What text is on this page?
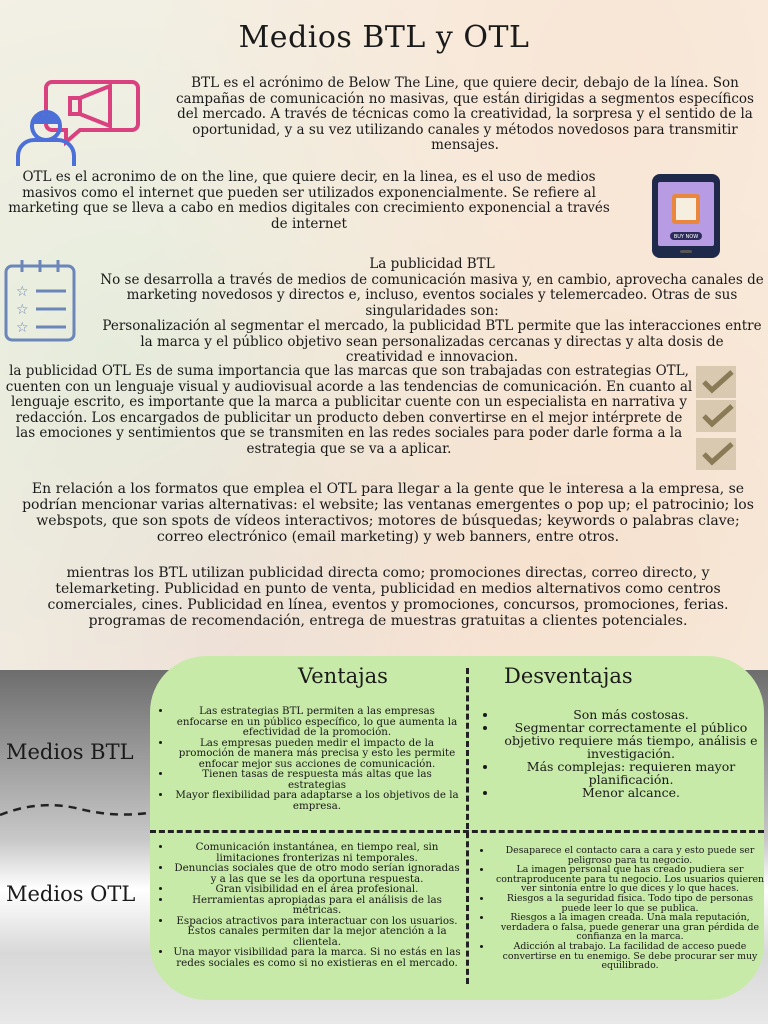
Medios BTL y OTL
BUY NOW
☆
☆
☆

BTL es el acrónimo de Below The Line, que quiere decir, debajo de la línea. Son campañas de comunicación no masivas, que están dirigidas a segmentos específicos del mercado. A través de técnicas como la creatividad, la sorpresa y el sentido de la oportunidad, y a su vez utilizando canales y métodos novedosos para transmitir mensajes.

OTL es el acronimo de on the line, que quiere decir, en la linea, es el uso de medios masivos como el internet que pueden ser utilizados exponencialmente. Se refiere al marketing que se lleva a cabo en medios digitales con crecimiento exponencial a través de internet

La publicidad BTL
No se desarrolla a través de medios de comunicación masiva y, en cambio, aprovecha canales de marketing novedosos y directos e, incluso, eventos sociales y telemercadeo. Otras de sus singularidades son:
Personalización al segmentar el mercado, la publicidad BTL permite que las interacciones entre la marca y el público objetivo sean personalizadas cercanas y directas y alta dosis de creatividad e innovacion.

la publicidad OTL Es de suma importancia que las marcas que son trabajadas con estrategias OTL, cuenten con un lenguaje visual y audiovisual acorde a las tendencias de comunicación. En cuanto al lenguaje escrito, es importante que la marca a publicitar cuente con un especialista en narrativa y redacción. Los encargados de publicitar un producto deben convertirse en el mejor intérprete de las emociones y sentimientos que se transmiten en las redes sociales para poder darle forma a la estrategia que se va a aplicar.

En relación a los formatos que emplea el OTL para llegar a la gente que le interesa a la empresa, se podrían mencionar varias alternativas: el website; las ventanas emergentes o pop up; el patrocinio; los webspots, que son spots de vídeos interactivos; motores de búsquedas; keywords o palabras clave; correo electrónico (email marketing) y web banners, entre otros.

mientras los BTL utilizan publicidad directa como; promociones directas, correo directo, y telemarketing. Publicidad en punto de venta, publicidad en medios alternativos como centros comerciales, cines. Publicidad en línea, eventos y promociones, concursos, promociones, ferias. programas de recomendación, entrega de muestras gratuitas a clientes potenciales.

Ventajas	Desventajas
Medios BTL
Medios OTL
• Las estrategias BTL permiten a las empresas enfocarse en un público específico, lo que aumenta la efectividad de la promoción.
• Las empresas pueden medir el impacto de la promoción de manera más precisa y esto les permite enfocar mejor sus acciones de comunicación.
• Tienen tasas de respuesta más altas que las estrategias
• Mayor flexibilidad para adaptarse a los objetivos de la empresa.
• Son más costosas.
• Segmentar correctamente el público objetivo requiere más tiempo, análisis e investigación.
• Más complejas: requieren mayor planificación.
• Menor alcance.
• Comunicación instantánea, en tiempo real, sin limitaciones fronterizas ni temporales.
• Denuncias sociales que de otro modo serían ignoradas y a las que se les da oportuna respuesta.
• Gran visibilidad en el área profesional.
• Herramientas apropiadas para el análisis de las métricas.
• Espacios atractivos para interactuar con los usuarios. Estos canales permiten dar la mejor atención a la clientela.
• Una mayor visibilidad para la marca. Si no estás en las redes sociales es como si no existieras en el mercado.
• Desaparece el contacto cara a cara y esto puede ser peligroso para tu negocio.
• La imagen personal que has creado pudiera ser contraproducente para tu negocio. Los usuarios quieren ver sintonía entre lo que dices y lo que haces.
• Riesgos a la seguridad física. Todo tipo de personas puede leer lo que se publica.
• Riesgos a la imagen creada. Una mala reputación, verdadera o falsa, puede generar una gran pérdida de confianza en la marca.
• Adicción al trabajo. La facilidad de acceso puede convertirse en tu enemigo. Se debe procurar ser muy equilibrado.
